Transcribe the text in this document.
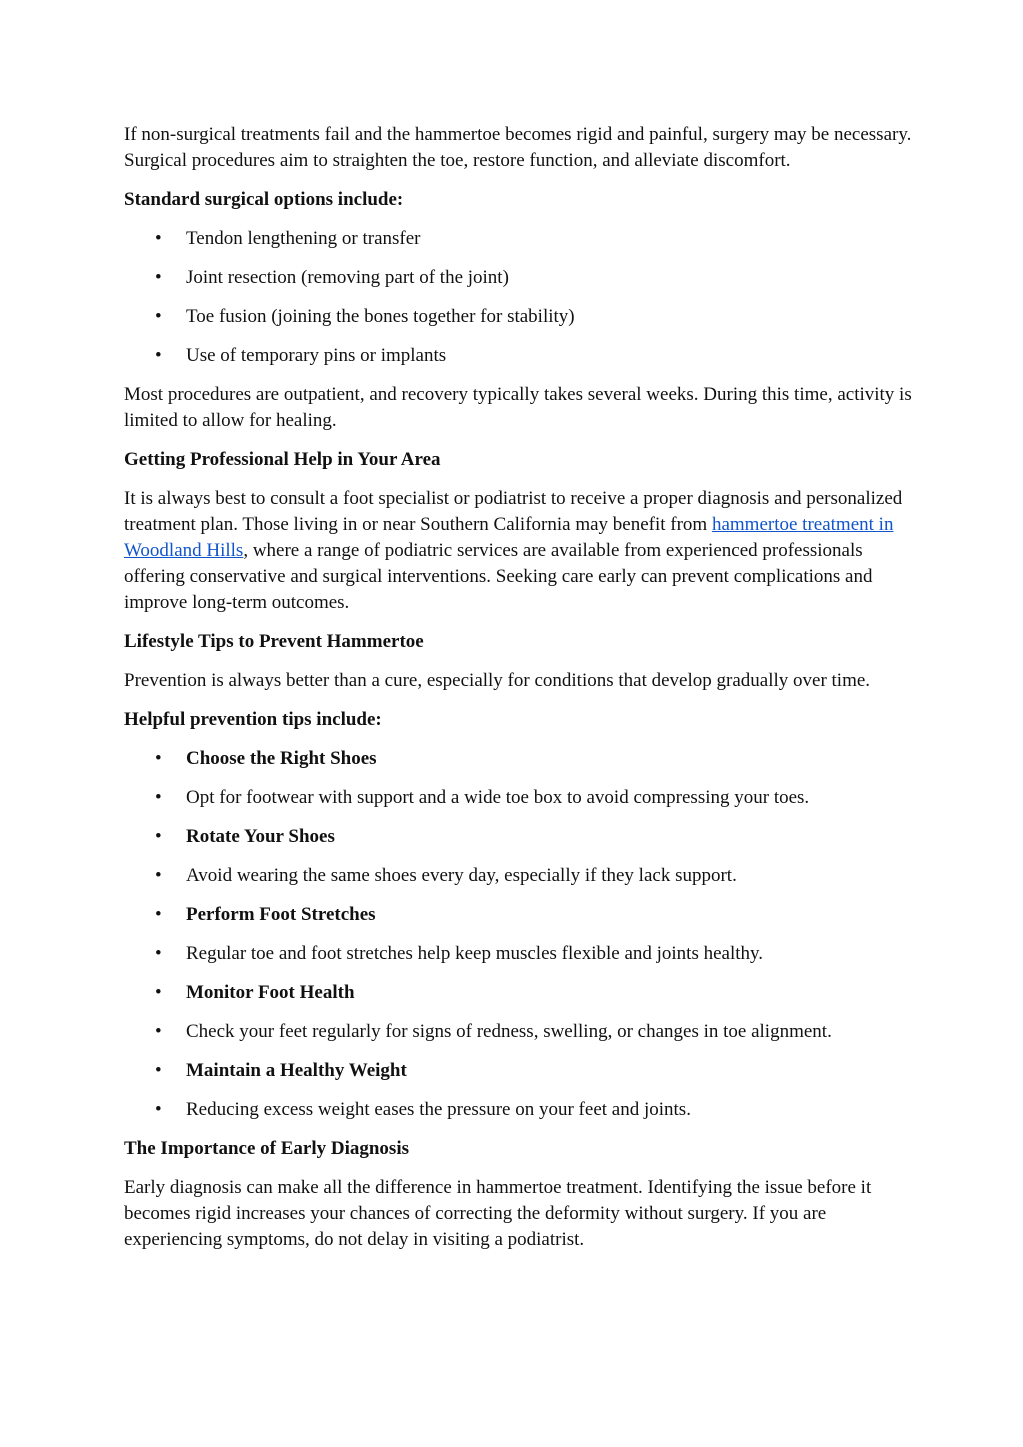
If non-surgical treatments fail and the hammertoe becomes rigid and painful, surgery may be necessary. Surgical procedures aim to straighten the toe, restore function, and alleviate discomfort.

Standard surgical options include:

• Tendon lengthening or transfer
• Joint resection (removing part of the joint)
• Toe fusion (joining the bones together for stability)
• Use of temporary pins or implants

Most procedures are outpatient, and recovery typically takes several weeks. During this time, activity is limited to allow for healing.

Getting Professional Help in Your Area

It is always best to consult a foot specialist or podiatrist to receive a proper diagnosis and personalized treatment plan. Those living in or near Southern California may benefit from hammertoe treatment in Woodland Hills, where a range of podiatric services are available from experienced professionals offering conservative and surgical interventions. Seeking care early can prevent complications and improve long-term outcomes.

Lifestyle Tips to Prevent Hammertoe

Prevention is always better than a cure, especially for conditions that develop gradually over time.

Helpful prevention tips include:

• Choose the Right Shoes
• Opt for footwear with support and a wide toe box to avoid compressing your toes.
• Rotate Your Shoes
• Avoid wearing the same shoes every day, especially if they lack support.
• Perform Foot Stretches
• Regular toe and foot stretches help keep muscles flexible and joints healthy.
• Monitor Foot Health
• Check your feet regularly for signs of redness, swelling, or changes in toe alignment.
• Maintain a Healthy Weight
• Reducing excess weight eases the pressure on your feet and joints.

The Importance of Early Diagnosis

Early diagnosis can make all the difference in hammertoe treatment. Identifying the issue before it becomes rigid increases your chances of correcting the deformity without surgery. If you are experiencing symptoms, do not delay in visiting a podiatrist.
